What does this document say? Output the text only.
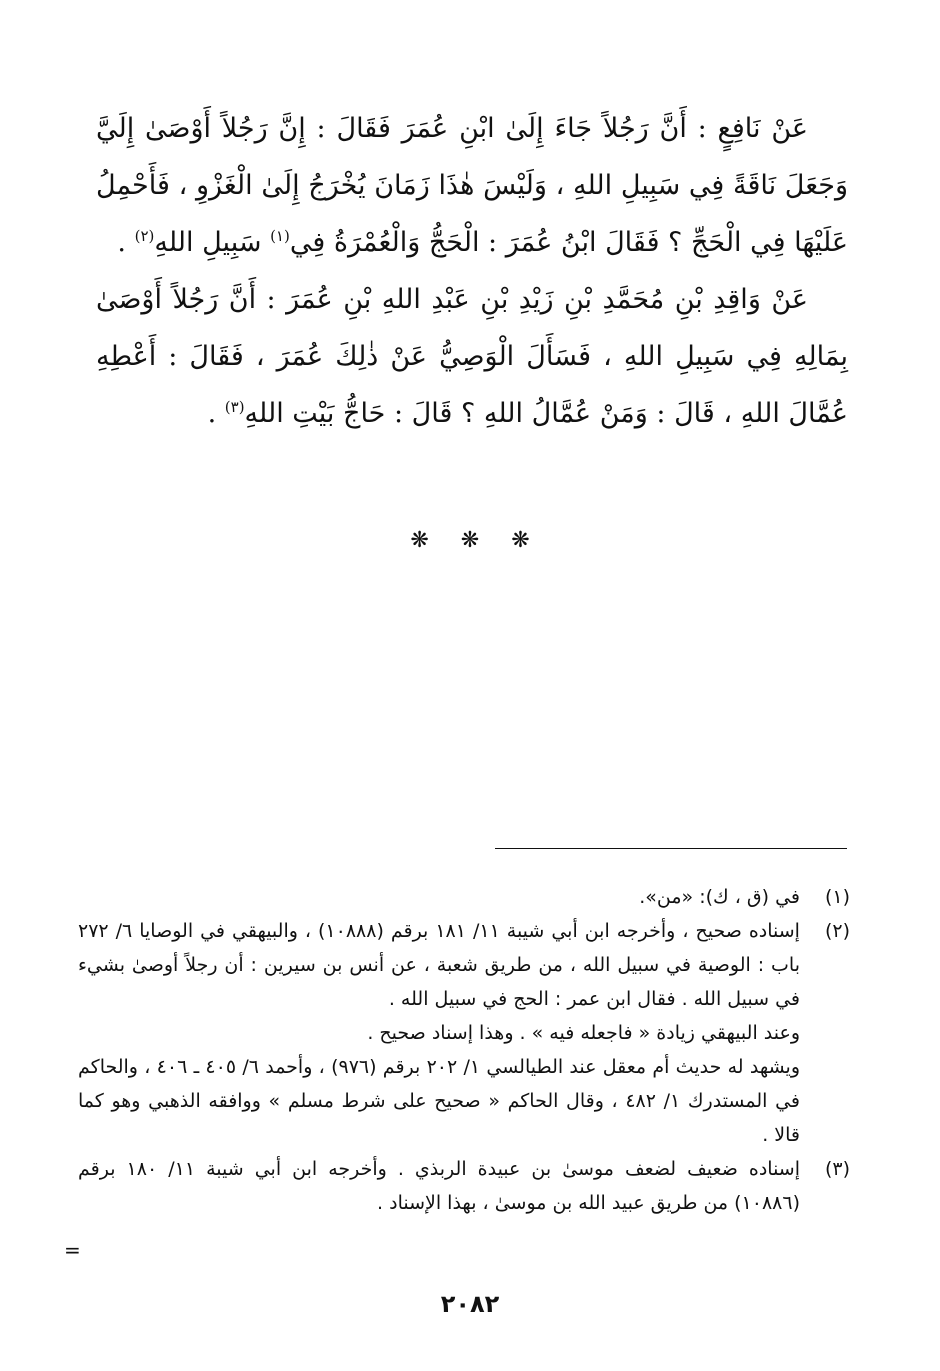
عَنْ نَافِعٍ : أَنَّ رَجُلاً جَاءَ إِلَىٰ ابْنِ عُمَرَ فَقَالَ : إِنَّ رَجُلاً أَوْصَىٰ إِلَيَّ وَجَعَلَ نَاقَةً فِي سَبِيلِ اللهِ ، وَلَيْسَ هٰذَا زَمَانَ يُخْرَجُ إِلَىٰ الْغَزْوِ ، فَأَحْمِلُ عَلَيْهَا فِي الْحَجِّ ؟ فَقَالَ ابْنُ عُمَرَ : الْحَجُّ وَالْعُمْرَةُ فِي$^{(١)}$ سَبِيلِ اللهِ$^{(٢)}$ .

عَنْ وَاقِدِ بْنِ مُحَمَّدِ بْنِ زَيْدِ بْنِ عَبْدِ اللهِ بْنِ عُمَرَ : أَنَّ رَجُلاً أَوْصَىٰ بِمَالِهِ فِي سَبِيلِ اللهِ ، فَسَأَلَ الْوَصِيُّ عَنْ ذٰلِكَ عُمَرَ ، فَقَالَ : أَعْطِهِ عُمَّالَ اللهِ ، قَالَ : وَمَنْ عُمَّالُ اللهِ ؟ قَالَ : حَاجُّ بَيْتِ اللهِ$^{(٣)}$ .

❋ ❋ ❋
(١)

في (ق ، ك): «من».

(٢)

إسناده صحيح ، وأخرجه ابن أبي شيبة ١١/ ١٨١ برقم (١٠٨٨٨) ، والبيهقي في الوصايا ٦/ ٢٧٢ باب : الوصية في سبيل الله ، من طريق شعبة ، عن أنس بن سيرين : أن رجلاً أوصىٰ بشيء في سبيل الله . فقال ابن عمر : الحج في سبيل الله .

وعند البيهقي زيادة « فاجعله فيه » . وهذا إسناد صحيح .

ويشهد له حديث أم معقل عند الطيالسي ١/ ٢٠٢ برقم (٩٧٦) ، وأحمد ٦/ ٤٠٥ ـ ٤٠٦ ، والحاكم في المستدرك ١/ ٤٨٢ ، وقال الحاكم « صحيح على شرط مسلم » ووافقه الذهبي وهو كما قالا .

(٣)

إسناده ضعيف لضعف موسىٰ بن عبيدة الربذي . وأخرجه ابن أبي شيبة ١١/ ١٨٠ برقم (١٠٨٨٦) من طريق عبيد الله بن موسىٰ ، بهذا الإسناد .

=
٢٠٨٢
